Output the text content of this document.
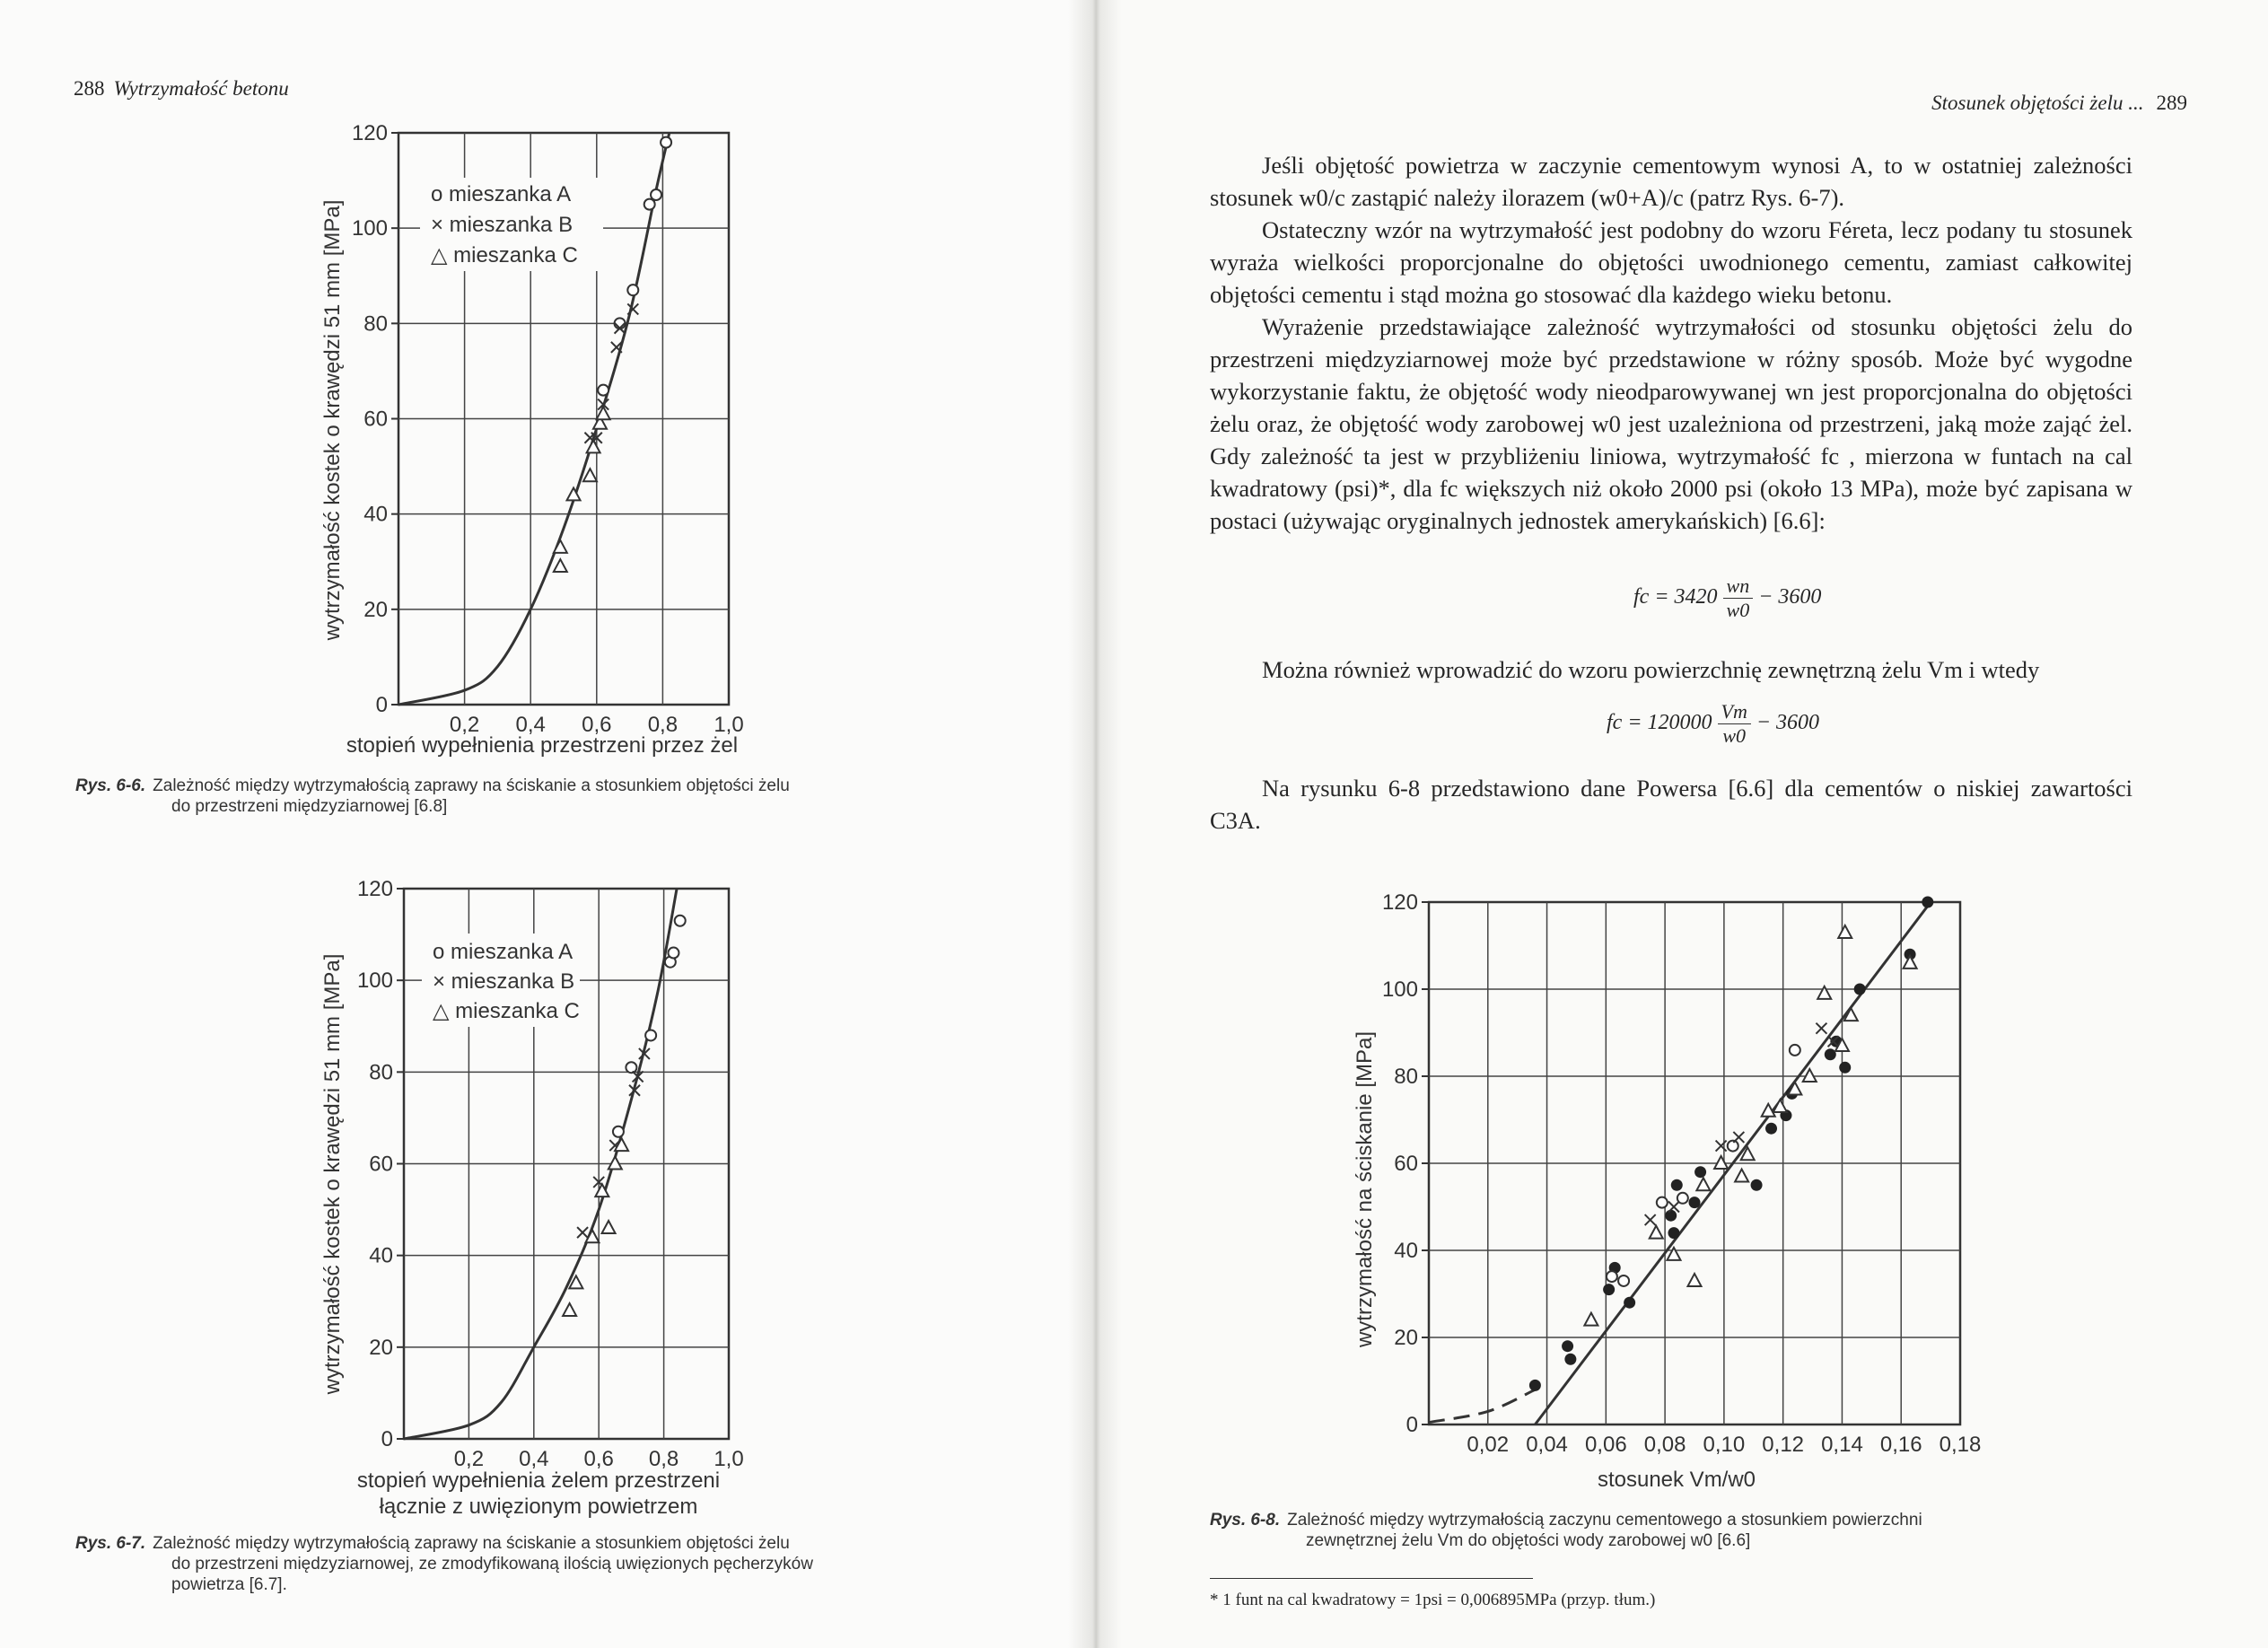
288 Wytrzymałość betonu
Stosunek objętości żelu ... 289
wytrzymałość kostek o krawędzi 51 mm [MPa]
0
20
40
60
80
100
120
0,2 0,4 0,6 0,8 1,0
o mieszanka A
× mieszanka B
△ mieszanka C
stopień wypełnienia przestrzeni przez żel
Rys. 6-6. Zależność między wytrzymałością zaprawy na ściskanie a stosunkiem objętości żelu
do przestrzeni międzyziarnowej [6.8]
wytrzymałość kostek o krawędzi 51 mm [MPa]
0
20
40
60
80
100
120
0,2 0,4 0,6 0,8 1,0
o mieszanka A
× mieszanka B
△ mieszanka C
stopień wypełnienia żelem przestrzeni
łącznie z uwięzionym powietrzem
Rys. 6-7. Zależność między wytrzymałością zaprawy na ściskanie a stosunkiem objętości żelu
do przestrzeni międzyziarnowej, ze zmodyfikowaną ilością uwięzionych pęcherzyków
powietrza [6.7].

Jeśli objętość powietrza w zaczynie cementowym wynosi A, to w ostatniej zależności stosunek w0/c zastąpić należy ilorazem (w0+A)/c (patrz Rys. 6-7).

Ostateczny wzór na wytrzymałość jest podobny do wzoru Féreta, lecz podany tu stosunek wyraża wielkości proporcjonalne do objętości uwodnionego cementu, zamiast całkowitej objętości cementu i stąd można go stosować dla każdego wieku betonu.

Wyrażenie przedstawiające zależność wytrzymałości od stosunku objętości żelu do przestrzeni międzyziarnowej może być przedstawione w różny sposób. Może być wygodne wykorzystanie faktu, że objętość wody nieodparowywanej wn jest proporcjonalna do objętości żelu oraz, że objętość wody zarobowej w0 jest uzależniona od przestrzeni, jaką może zająć żel. Gdy zależność ta jest w przybliżeniu liniowa, wytrzymałość fc , mierzona w funtach na cal kwadratowy (psi)*, dla fc większych niż około 2000 psi (około 13 MPa), może być zapisana w postaci (używając oryginalnych jednostek amerykańskich) [6.6]:

fc = $3420 \frac{wn}{w0} - 3600$

Można również wprowadzić do wzoru powierzchnię zewnętrzną żelu Vm i wtedy

fc = $120000 \frac{Vm}{w0} - 3600$

Na rysunku 6-8 przedstawiono dane Powersa [6.6] dla cementów o niskiej zawartości C3A.

wytrzymałość na ściskanie [MPa]
0
20
40
60
80
100
120
0,02 0,04 0,06 0,08 0,10 0,12 0,14 0,16 0,18
stosunek Vm/w0
Rys. 6-8. Zależność między wytrzymałością zaczynu cementowego a stosunkiem powierzchni
zewnętrznej żelu Vm do objętości wody zarobowej w0 [6.6]
* 1 funt na cal kwadratowy = 1psi = 0,006895MPa (przyp. tłum.)
